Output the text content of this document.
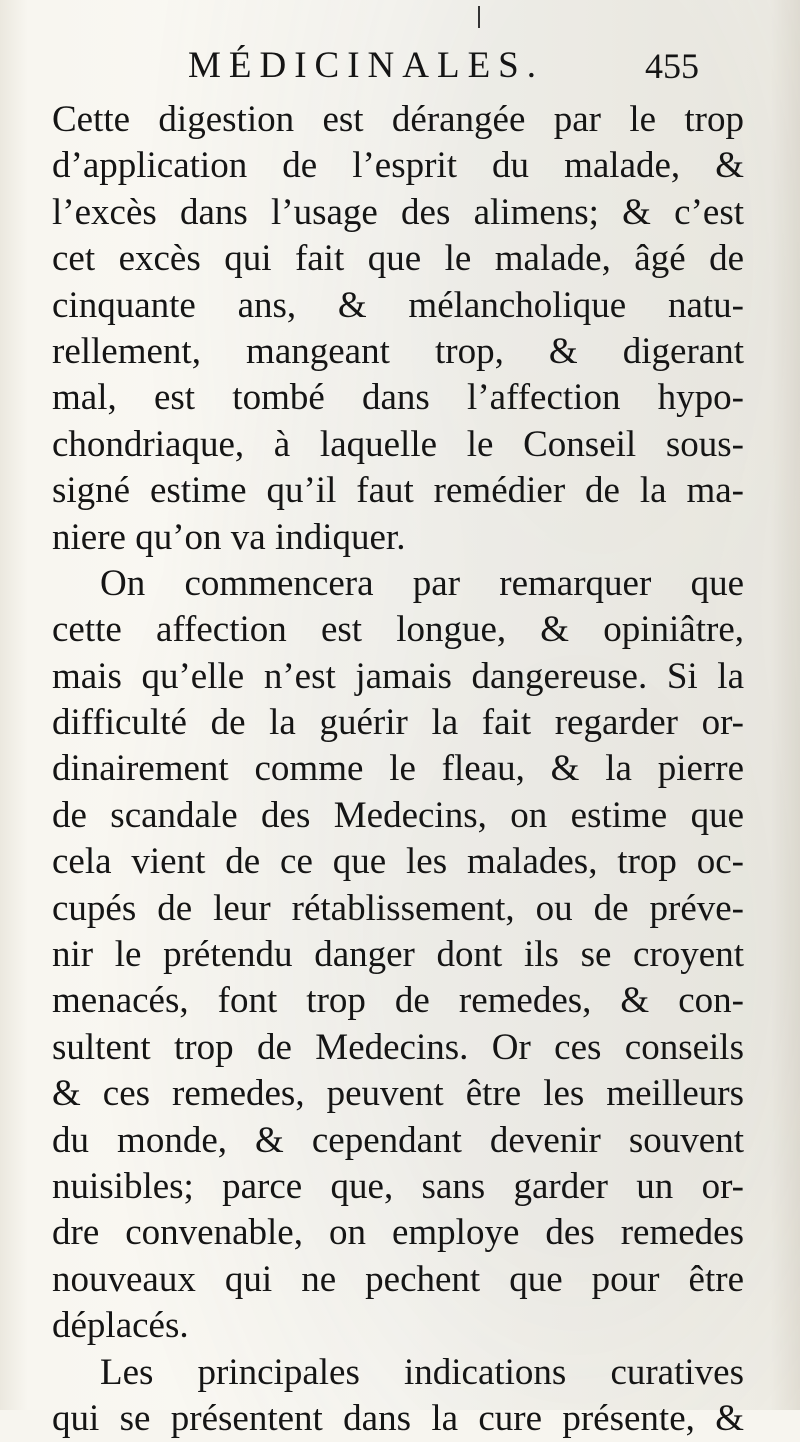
MÉDICINALES.	455
Cette digestion est dérangée par le trop
d’application de l’esprit du malade, &
l’excès dans l’usage des alimens; & c’est
cet excès qui fait que le malade, âgé de
cinquante ans, & mélancholique natu-
rellement, mangeant trop, & digerant
mal, est tombé dans l’affection hypo-
chondriaque, à laquelle le Conseil sous-
signé estime qu’il faut remédier de la ma-
niere qu’on va indiquer.
On commencera par remarquer que
cette affection est longue, & opiniâtre,
mais qu’elle n’est jamais dangereuse. Si la
difficulté de la guérir la fait regarder or-
dinairement comme le fleau, & la pierre
de scandale des Medecins, on estime que
cela vient de ce que les malades, trop oc-
cupés de leur rétablissement, ou de préve-
nir le prétendu danger dont ils se croyent
menacés, font trop de remedes, & con-
sultent trop de Medecins. Or ces conseils
& ces remedes, peuvent être les meilleurs
du monde, & cependant devenir souvent
nuisibles; parce que, sans garder un or-
dre convenable, on employe des remedes
nouveaux qui ne pechent que pour être
déplacés.
Les principales indications curatives
qui se présentent dans la cure présente, &
